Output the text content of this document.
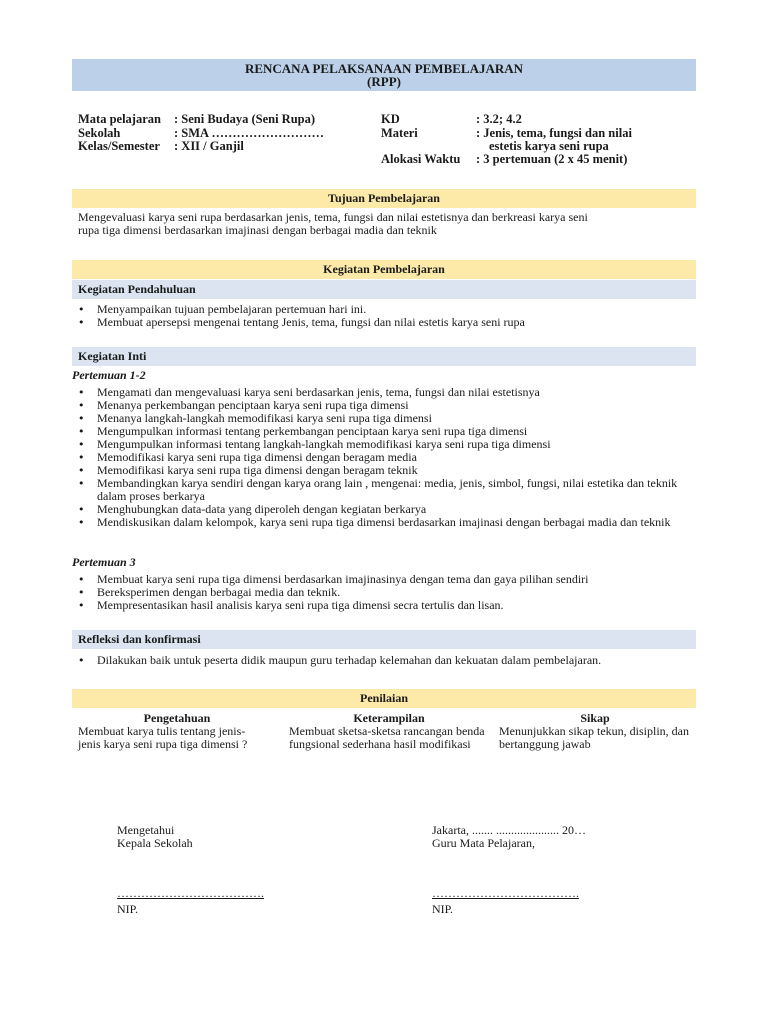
RENCANA PELAKSANAAN PEMBELAJARAN
(RPP)
Mata pelajaran : Seni Budaya (Seni Rupa)
Sekolah	: SMA ………………………
Kelas/Semester : XII / Ganjil
KD	: 3.2; 4.2
Materi	: Jenis, tema, fungsi dan nilai
estetis karya seni rupa
Alokasi Waktu : 3 pertemuan (2 x 45 menit)
Tujuan Pembelajaran
Mengevaluasi karya seni rupa berdasarkan jenis, tema, fungsi dan nilai estetisnya dan berkreasi karya seni
rupa tiga dimensi berdasarkan imajinasi dengan berbagai madia dan teknik
Kegiatan Pembelajaran
Kegiatan Pendahuluan
• Menyampaikan tujuan pembelajaran pertemuan hari ini.
• Membuat apersepsi mengenai tentang Jenis, tema, fungsi dan nilai estetis karya seni rupa
Kegiatan Inti
Pertemuan 1-2
• Mengamati dan mengevaluasi karya seni berdasarkan jenis, tema, fungsi dan nilai estetisnya
• Menanya perkembangan penciptaan karya seni rupa tiga dimensi
• Menanya langkah-langkah memodifikasi karya seni rupa tiga dimensi
• Mengumpulkan informasi tentang perkembangan penciptaan karya seni rupa tiga dimensi
• Mengumpulkan informasi tentang langkah-langkah memodifikasi karya seni rupa tiga dimensi
• Memodifikasi karya seni rupa tiga dimensi dengan beragam media
• Memodifikasi karya seni rupa tiga dimensi dengan beragam teknik
• Membandingkan karya sendiri dengan karya orang lain , mengenai: media, jenis, simbol, fungsi, nilai estetika dan teknik dalam proses berkarya
• Menghubungkan data-data yang diperoleh dengan kegiatan berkarya
• Mendiskusikan dalam kelompok, karya seni rupa tiga dimensi berdasarkan imajinasi dengan berbagai madia dan teknik
Pertemuan 3
• Membuat karya seni rupa tiga dimensi berdasarkan imajinasinya dengan tema dan gaya pilihan sendiri
• Bereksperimen dengan berbagai media dan teknik.
• Mempresentasikan hasil analisis karya seni rupa tiga dimensi secra tertulis dan lisan.
Refleksi dan konfirmasi
• Dilakukan baik untuk peserta didik maupun guru terhadap kelemahan dan kekuatan dalam pembelajaran.
Penilaian
Pengetahuan
Membuat karya tulis tentang jenis-jenis karya seni rupa tiga dimensi ?
Keterampilan
Membuat sketsa-sketsa rancangan benda fungsional sederhana hasil modifikasi
Sikap
Menunjukkan sikap tekun, disiplin, dan bertanggung jawab
Mengetahui
Kepala Sekolah
……………………………….
NIP.
Jakarta, ....... ..................... 20…
Guru Mata Pelajaran,
……………………………….
NIP.
